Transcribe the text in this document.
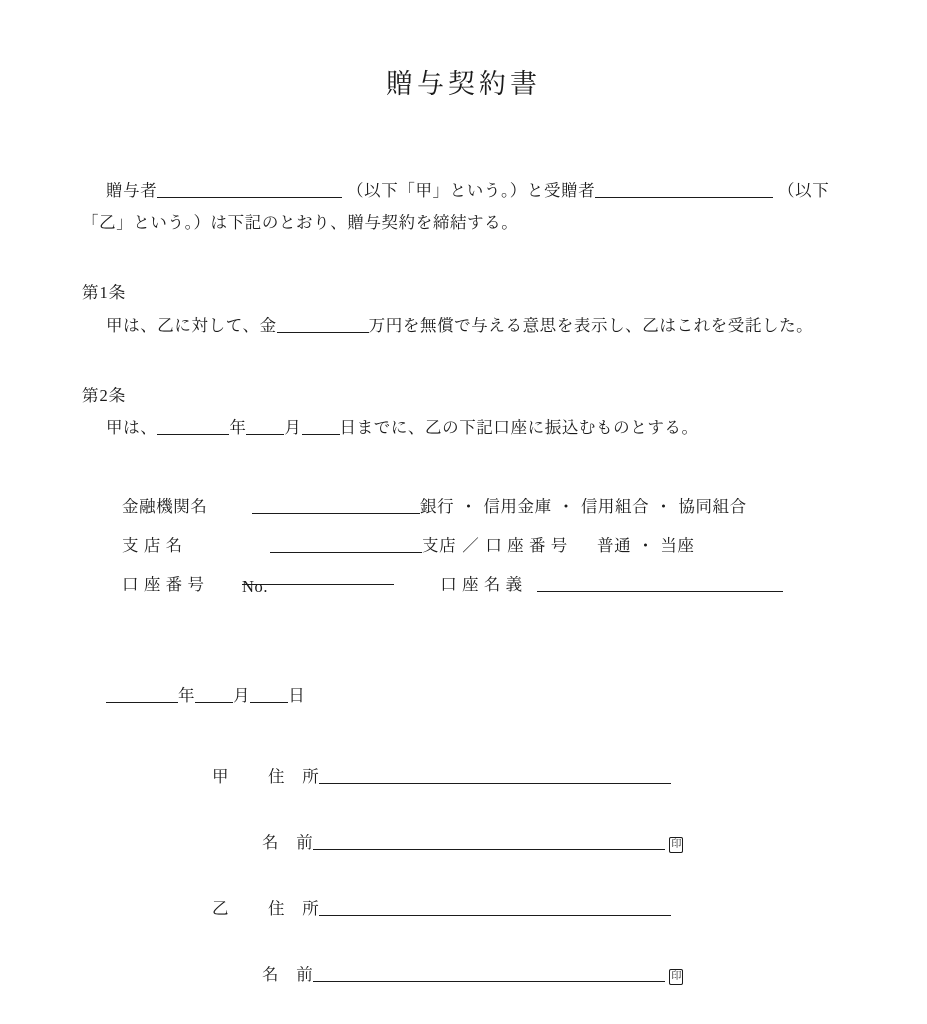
贈与契約書

贈与者	（以下「甲」という。）と受贈者	（以下

「乙」という。）は下記のとおり、贈与契約を締結する。

第1条

甲は、乙に対して、金	万円を無償で与える意思を表示し、乙はこれを受託した。

第2条

甲は、	年 月 日までに、乙の下記口座に振込むものとする。

金融機関名	銀行 ・ 信用金庫 ・ 信用組合 ・ 協同組合
支 店 名	支店 ／ 口 座 番 号　 普通 ・ 当座
口 座 番 号 No.　　	口 座 名 義
年 月 日
甲 住　所
名　前	印
乙 住　所
名　前	印
